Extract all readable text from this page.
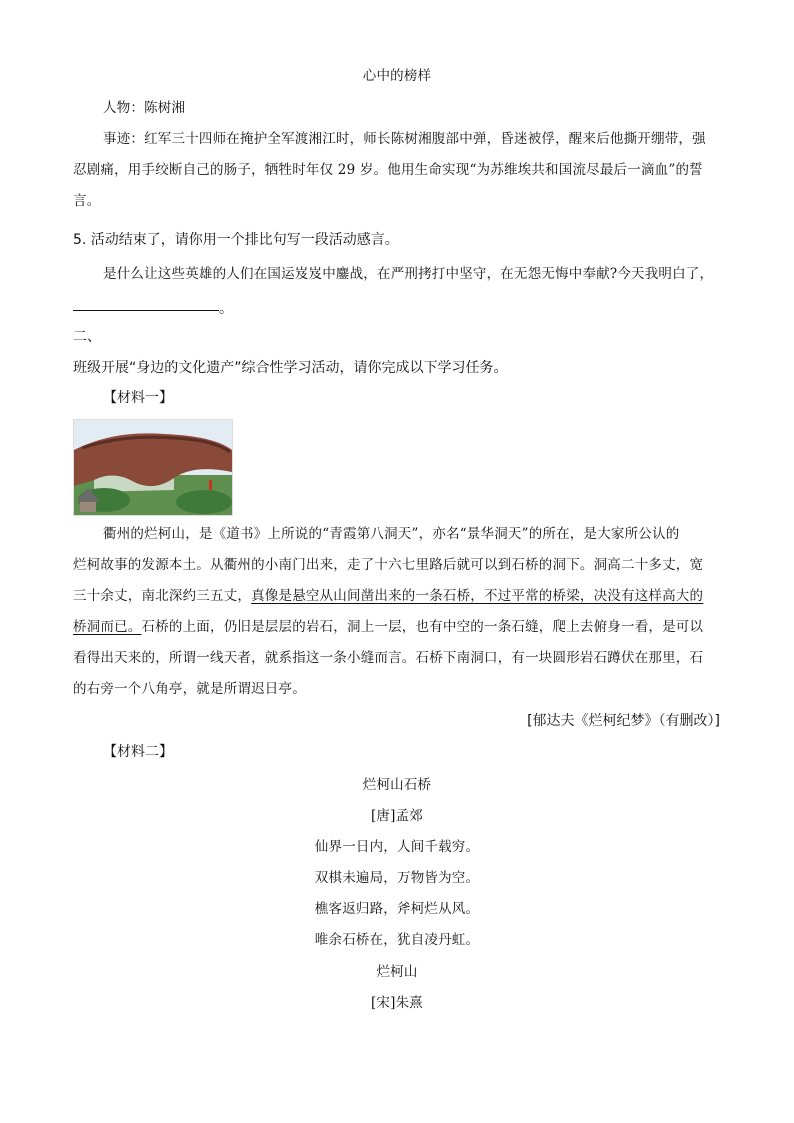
心中的榜样
人物：陈树湘
事迹：红军三十四师在掩护全军渡湘江时，师长陈树湘腹部中弹，昏迷被俘，醒来后他撕开绷带，强
忍剧痛，用手绞断自己的肠子，牺牲时年仅 29 岁。他用生命实现“为苏维埃共和国流尽最后一滴血”的誓
言。
5. 活动结束了，请你用一个排比句写一段活动感言。
是什么让这些英雄的人们在国运岌岌中鏖战，在严刑拷打中坚守，在无怨无悔中奉献?今天我明白了，
。
二、
班级开展“身边的文化遗产”综合性学习活动，请你完成以下学习任务。
【材料一】
衢州的烂柯山，是《道书》上所说的“青霞第八洞天”，亦名“景华洞天”的所在，是大家所公认的
烂柯故事的发源本土。从衢州的小南门出来，走了十六七里路后就可以到石桥的洞下。洞高二十多丈，宽
三十余丈，南北深约三五丈，真像是悬空从山间凿出来的一条石桥，不过平常的桥梁，决没有这样高大的
桥洞而已。石桥的上面，仍旧是层层的岩石，洞上一层，也有中空的一条石缝，爬上去俯身一看，是可以
看得出天来的，所谓一线天者，就系指这一条小缝而言。石桥下南洞口，有一块圆形岩石蹲伏在那里，石
的右旁一个八角亭，就是所谓迟日亭。
[郁达夫《烂柯纪梦》（有删改）]
【材料二】
烂柯山石桥
[唐]孟郊
仙界一日内，人间千载穷。
双棋未遍局，万物皆为空。
樵客返归路，斧柯烂从风。
唯余石桥在，犹自凌丹虹。
烂柯山
[宋]朱熹
